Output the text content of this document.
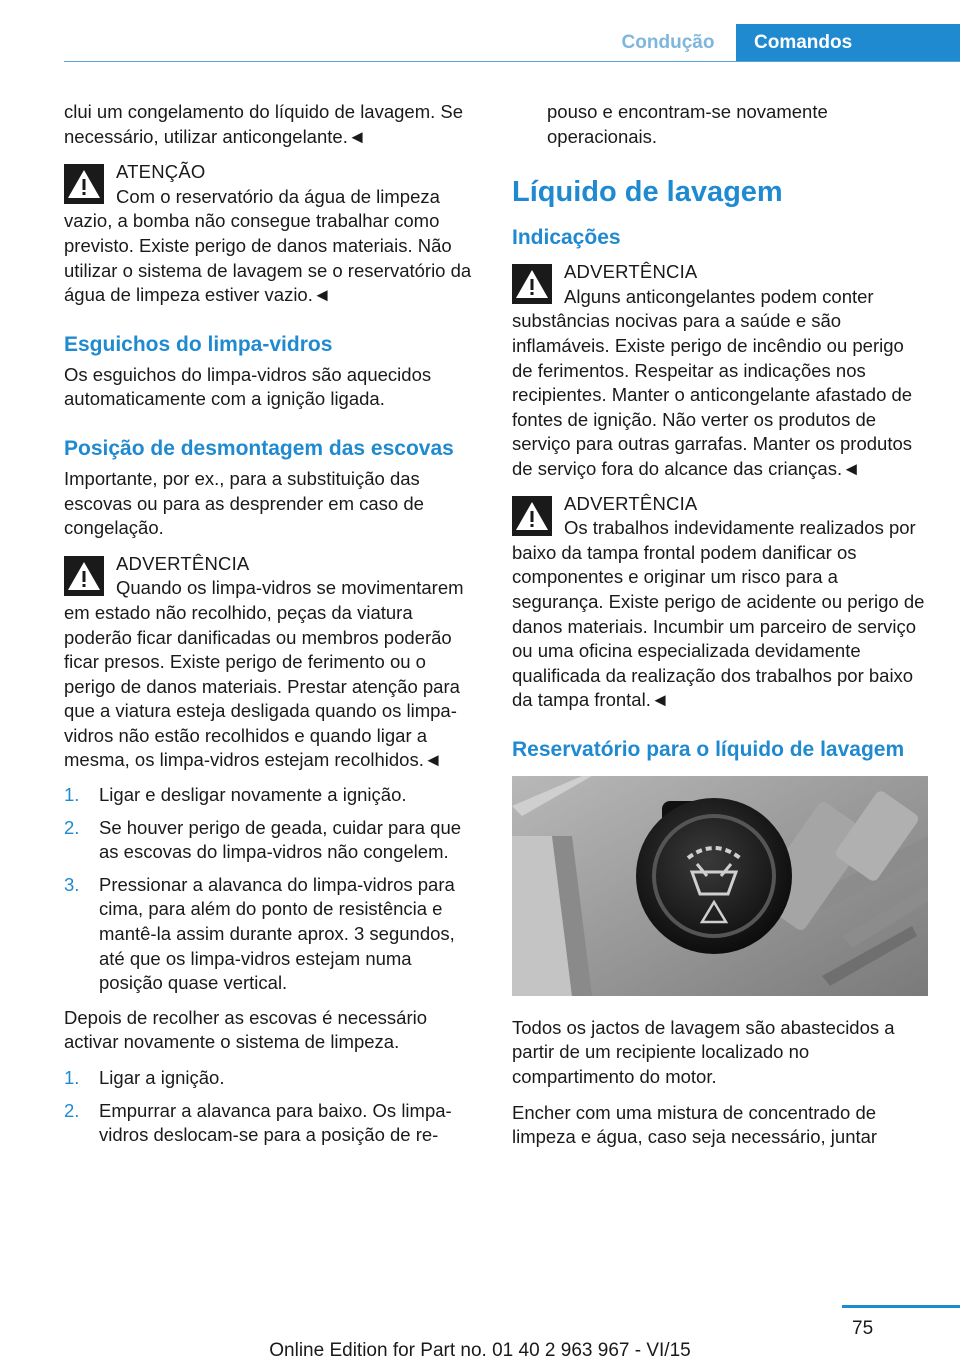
Condução	Comandos

clui um congelamento do líquido de lavagem. Se necessário, utilizar anticongelante.◄

ATENÇÃO
Com o reservatório da água de limpeza vazio, a bomba não consegue trabalhar como previsto. Existe perigo de danos materiais. Não utilizar o sistema de lavagem se o reservatório da água de limpeza estiver vazio.◄
Esguichos do limpa-vidros

Os esguichos do limpa-vidros são aquecidos automaticamente com a ignição ligada.

Posição de desmontagem das escovas

Importante, por ex., para a substituição das escovas ou para as desprender em caso de congelação.

ADVERTÊNCIA
Quando os limpa-vidros se movimentarem em estado não recolhido, peças da viatura poderão ficar danificadas ou membros poderão ficar presos. Existe perigo de ferimento ou o perigo de danos materiais. Prestar atenção para que a viatura esteja desligada quando os limpa-vidros não estão recolhidos e quando ligar a mesma, os limpa-vidros estejam recolhidos.◄
1. Ligar e desligar novamente a ignição.
2. Se houver perigo de geada, cuidar para que as escovas do limpa-vidros não congelem.
3. Pressionar a alavanca do limpa-vidros para cima, para além do ponto de resistência e mantê-la assim durante aprox. 3 segundos, até que os limpa-vidros estejam numa posição quase vertical.

Depois de recolher as escovas é necessário activar novamente o sistema de limpeza.

1. Ligar a ignição.
2. Empurrar a alavanca para baixo. Os limpa-vidros deslocam-se para a posição de re-

pouso e encontram-se novamente operacionais.

Líquido de lavagem
Indicações
ADVERTÊNCIA
Alguns anticongelantes podem conter substâncias nocivas para a saúde e são inflamáveis. Existe perigo de incêndio ou perigo de ferimentos. Respeitar as indicações nos recipientes. Manter o anticongelante afastado de fontes de ignição. Não verter os produtos de serviço para outras garrafas. Manter os produtos de serviço fora do alcance das crianças.◄
ADVERTÊNCIA
Os trabalhos indevidamente realizados por baixo da tampa frontal podem danificar os componentes e originar um risco para a segurança. Existe perigo de acidente ou perigo de danos materiais. Incumbir um parceiro de serviço ou uma oficina especializada devidamente qualificada da realização dos trabalhos por baixo da tampa frontal.◄
Reservatório para o líquido de lavagem

Todos os jactos de lavagem são abastecidos a partir de um recipiente localizado no compartimento do motor.

Encher com uma mistura de concentrado de limpeza e água, caso seja necessário, juntar

75
Online Edition for Part no. 01 40 2 963 967 - VI/15
